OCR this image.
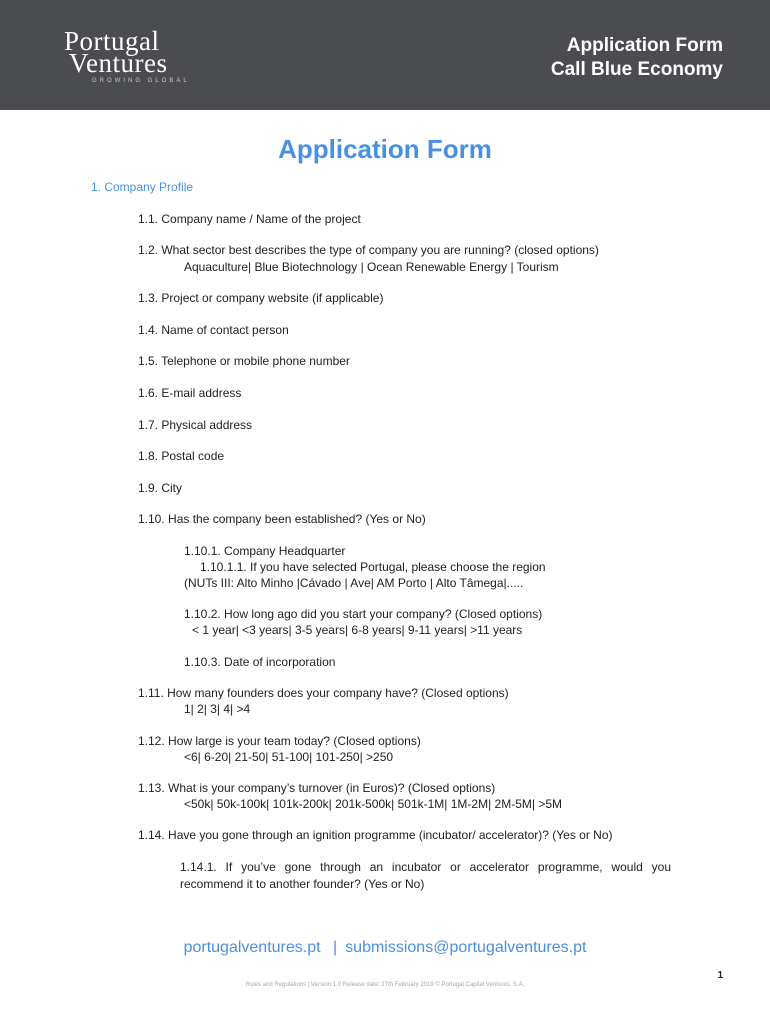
Portugal
Ventures
GROWING GLOBAL
Application Form
Call Blue Economy
Application Form
1. Company Profile
1.1. Company name / Name of the project
1.2. What sector best describes the type of company you are running? (closed options)
Aquaculture| Blue Biotechnology | Ocean Renewable Energy | Tourism
1.3. Project or company website (if applicable)
1.4. Name of contact person
1.5. Telephone or mobile phone number
1.6. E-mail address
1.7. Physical address
1.8. Postal code
1.9. City
1.10. Has the company been established? (Yes or No)
1.10.1. Company Headquarter
1.10.1.1. If you have selected Portugal, please choose the region
(NUTs III: Alto Minho |Cávado | Ave| AM Porto | Alto Tâmega|.....
1.10.2. How long ago did you start your company? (Closed options)
< 1 year| <3 years| 3-5 years| 6-8 years| 9-11 years| >11 years
1.10.3. Date of incorporation
1.11. How many founders does your company have? (Closed options)
1| 2| 3| 4| >4
1.12. How large is your team today? (Closed options)
<6| 6-20| 21-50| 51-100| 101-250| >250
1.13. What is your company’s turnover (in Euros)? (Closed options)
<50k| 50k-100k| 101k-200k| 201k-500k| 501k-1M| 1M-2M| 2M-5M| >5M
1.14. Have you gone through an ignition programme (incubator/ accelerator)? (Yes or No)
1.14.1. If you’ve gone through an incubator or accelerator programme, would you
recommend it to another founder? (Yes or No)
portugalventures.pt | submissions@portugalventures.pt
1
Rules and Regulations | Version 1.0 Release date: 17th February 2019 © Portugal Capital Ventures, S.A.
